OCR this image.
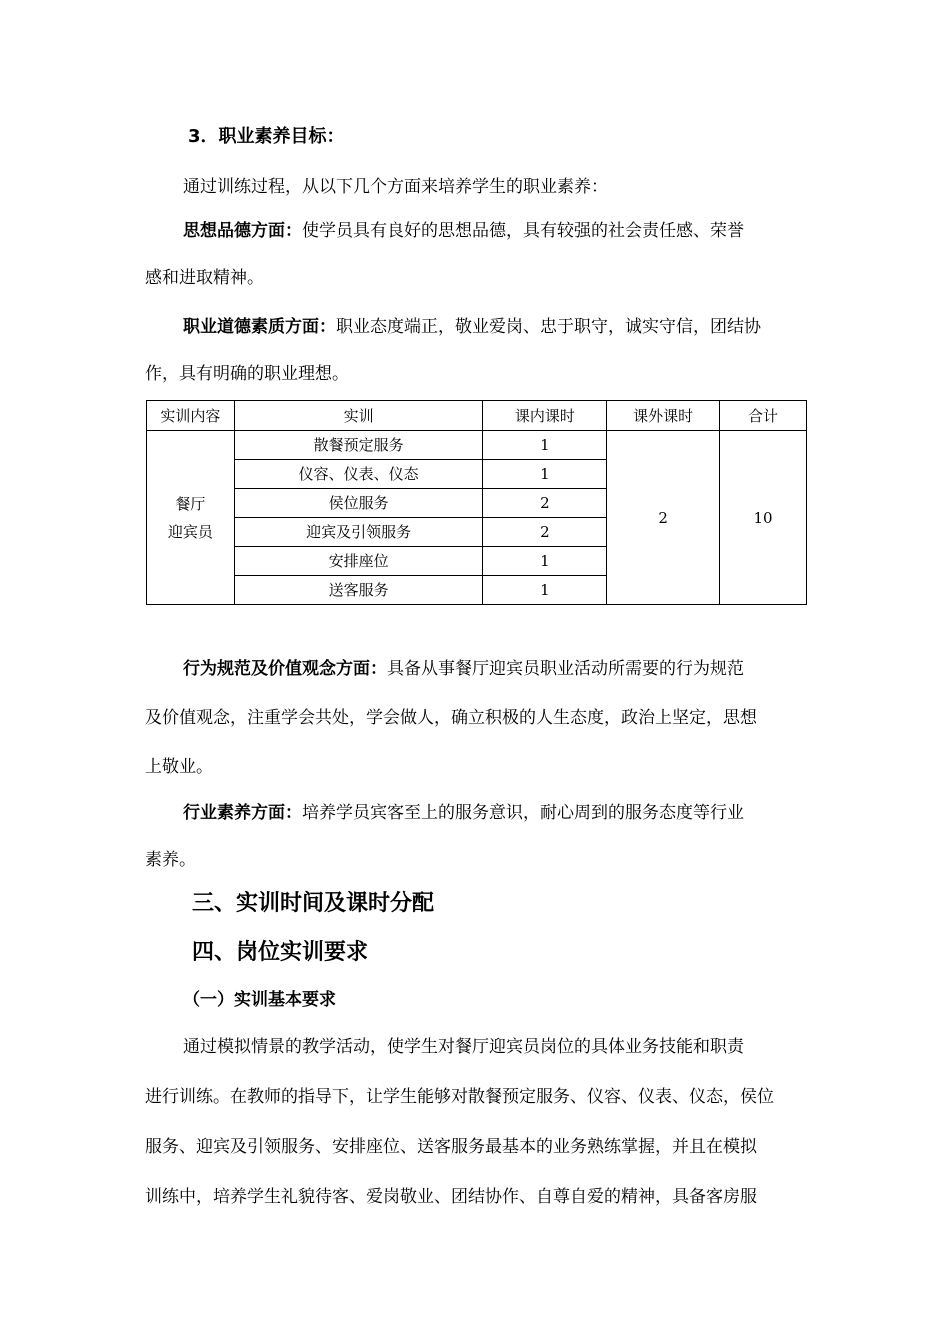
3．职业素养目标：
通过训练过程，从以下几个方面来培养学生的职业素养：
思想品德方面：使学员具有良好的思想品德，具有较强的社会责任感、荣誉
感和进取精神。
职业道德素质方面：职业态度端正，敬业爱岗、忠于职守，诚实守信，团结协
作，具有明确的职业理想。
实训内容	实训	课内课时	课外课时	合计

餐厅
迎宾员	散餐预定服务	1	2	10
	仪容、仪表、仪态	1		
	侯位服务	2		
	迎宾及引领服务	2		
	安排座位	1		
	送客服务	1		
行为规范及价值观念方面：具备从事餐厅迎宾员职业活动所需要的行为规范
及价值观念，注重学会共处，学会做人，确立积极的人生态度，政治上坚定，思想
上敬业。
行业素养方面：培养学员宾客至上的服务意识，耐心周到的服务态度等行业
素养。
三、实训时间及课时分配
四、岗位实训要求
（一）实训基本要求
通过模拟情景的教学活动，使学生对餐厅迎宾员岗位的具体业务技能和职责
进行训练。在教师的指导下，让学生能够对散餐预定服务、仪容、仪表、仪态，侯位
服务、迎宾及引领服务、安排座位、送客服务最基本的业务熟练掌握，并且在模拟
训练中，培养学生礼貌待客、爱岗敬业、团结协作、自尊自爱的精神，具备客房服
